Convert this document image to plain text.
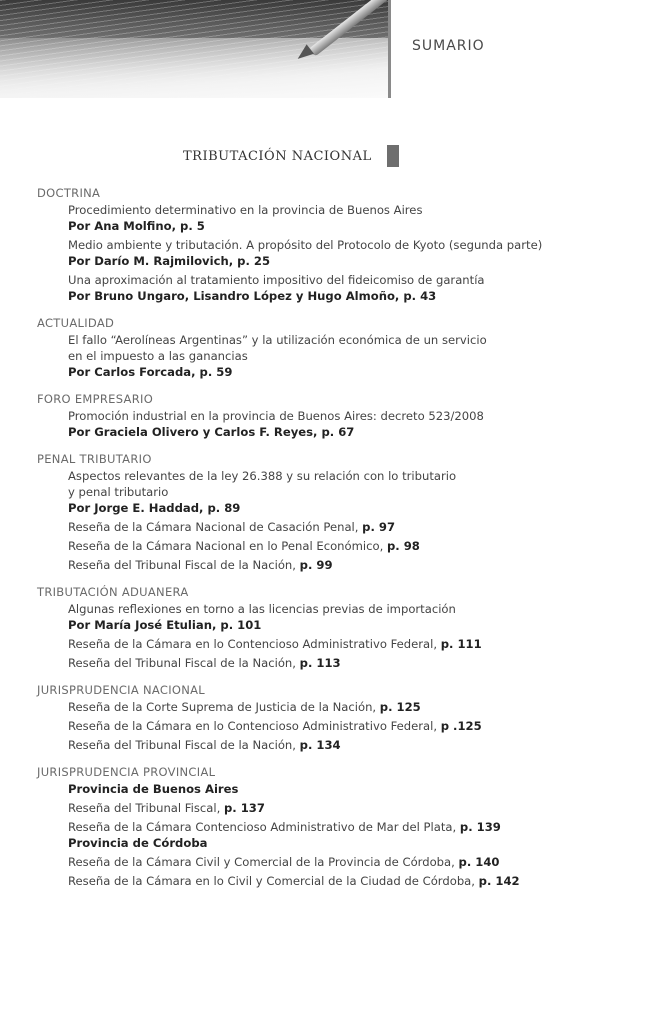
SUMARIO
TRIBUTACIÓN NACIONAL
DOCTRINA
Procedimiento determinativo en la provincia de Buenos Aires
Por Ana Molfino, p. 5
Medio ambiente y tributación. A propósito del Protocolo de Kyoto (segunda parte)
Por Darío M. Rajmilovich, p. 25
Una aproximación al tratamiento impositivo del fideicomiso de garantía
Por Bruno Ungaro, Lisandro López y Hugo Almoño, p. 43
ACTUALIDAD
El fallo “Aerolíneas Argentinas” y la utilización económica de un servicio
en el impuesto a las ganancias
Por Carlos Forcada, p. 59
FORO EMPRESARIO
Promoción industrial en la provincia de Buenos Aires: decreto 523/2008
Por Graciela Olivero y Carlos F. Reyes, p. 67
PENAL TRIBUTARIO
Aspectos relevantes de la ley 26.388 y su relación con lo tributario
y penal tributario
Por Jorge E. Haddad, p. 89
Reseña de la Cámara Nacional de Casación Penal, p. 97
Reseña de la Cámara Nacional en lo Penal Económico, p. 98
Reseña del Tribunal Fiscal de la Nación, p. 99
TRIBUTACIÓN ADUANERA
Algunas reflexiones en torno a las licencias previas de importación
Por María José Etulian, p. 101
Reseña de la Cámara en lo Contencioso Administrativo Federal, p. 111
Reseña del Tribunal Fiscal de la Nación, p. 113
JURISPRUDENCIA NACIONAL
Reseña de la Corte Suprema de Justicia de la Nación, p. 125
Reseña de la Cámara en lo Contencioso Administrativo Federal, p .125
Reseña del Tribunal Fiscal de la Nación, p. 134
JURISPRUDENCIA PROVINCIAL
Provincia de Buenos Aires
Reseña del Tribunal Fiscal, p. 137
Reseña de la Cámara Contencioso Administrativo de Mar del Plata, p. 139
Provincia de Córdoba
Reseña de la Cámara Civil y Comercial de la Provincia de Córdoba, p. 140
Reseña de la Cámara en lo Civil y Comercial de la Ciudad de Córdoba, p. 142
